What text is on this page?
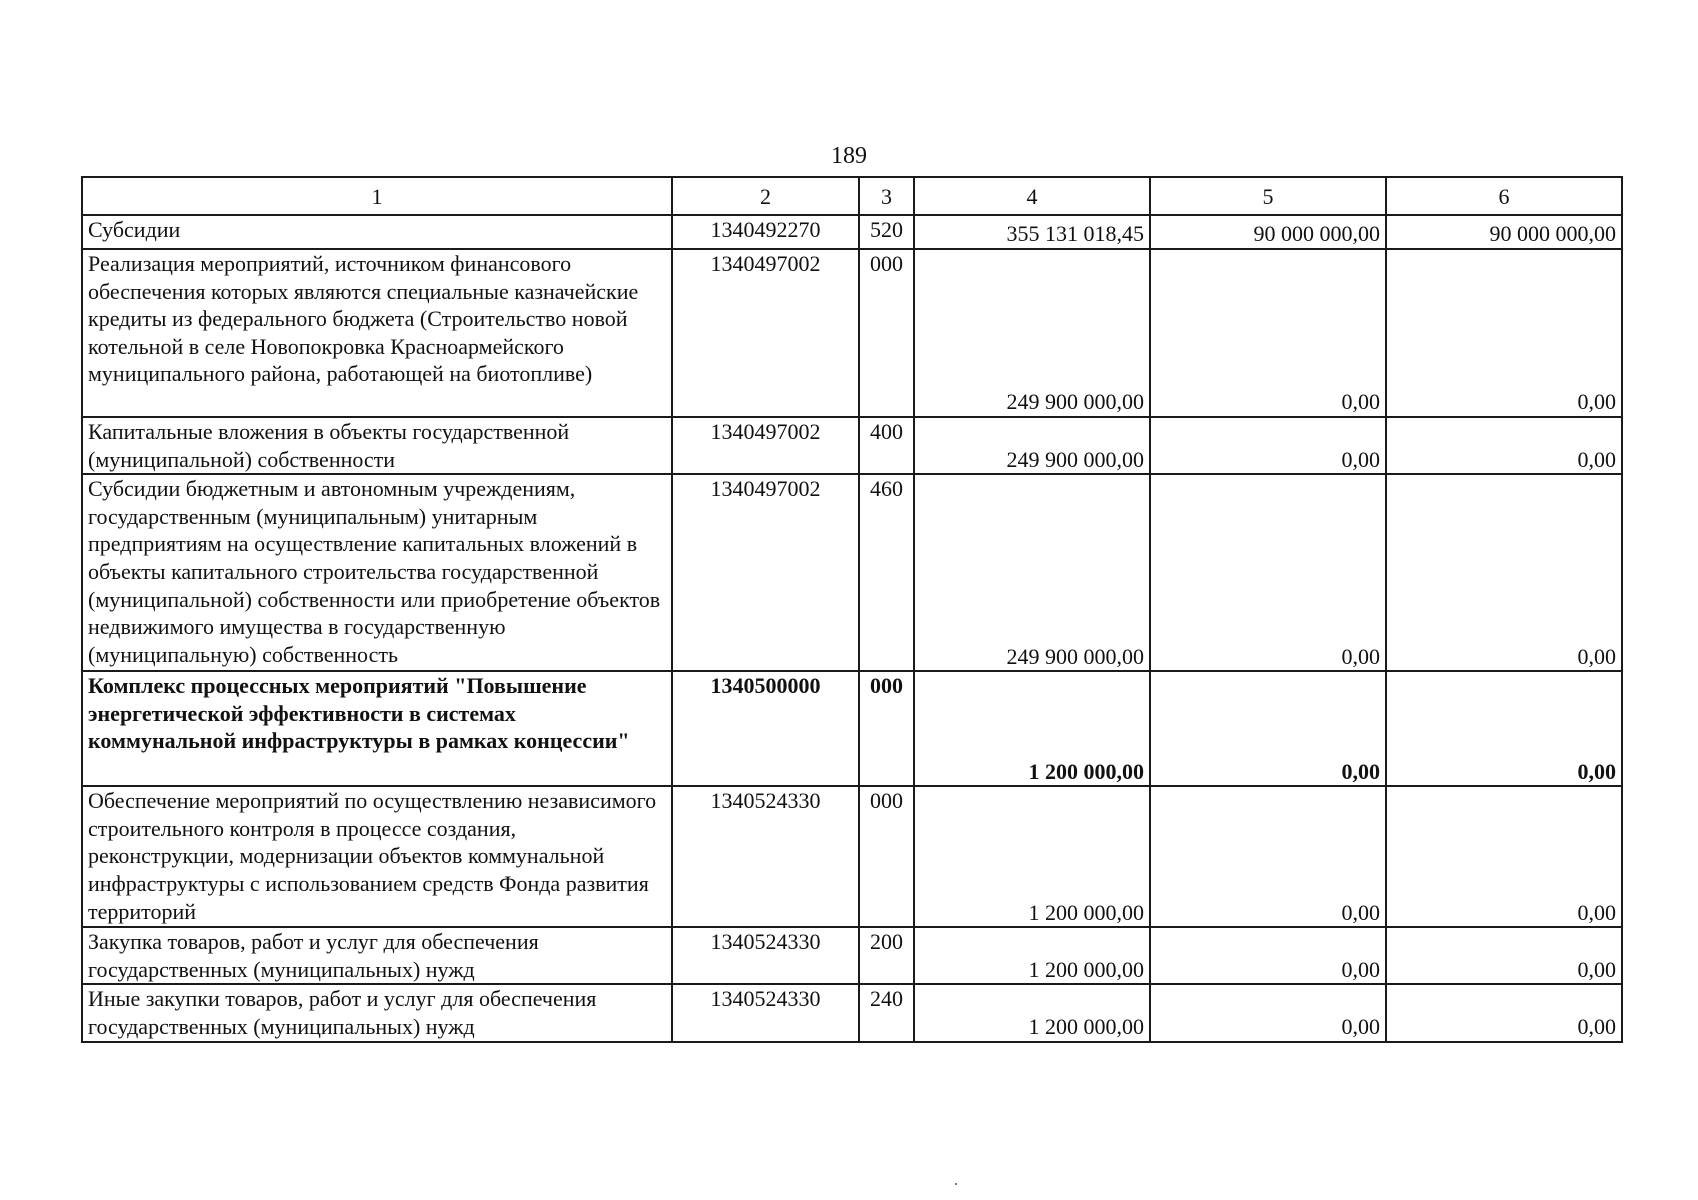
189
1	2	3	4	5	6
Субсидии	1340492270	520	355 131 018,45	90 000 000,00	90 000 000,00
Реализация мероприятий, источником финансового обеспечения которых являются специальные казначейские кредиты из федерального бюджета (Строительство новой котельной в селе Новопокровка Красноармейского муниципального района, работающей на биотопливе)	1340497002	000	249 900 000,00	0,00	0,00
Капитальные вложения в объекты государственной (муниципальной) собственности	1340497002	400	249 900 000,00	0,00	0,00
Субсидии бюджетным и автономным учреждениям, государственным (муниципальным) унитарным предприятиям на осуществление капитальных вложений в объекты капитального строительства государственной (муниципальной) собственности или приобретение объектов недвижимого имущества в государственную (муниципальную) собственность	1340497002	460	249 900 000,00	0,00	0,00
Комплекс процессных мероприятий "Повышение энергетической эффективности в системах коммунальной инфраструктуры в рамках концессии"	1340500000	000	1 200 000,00	0,00	0,00
Обеспечение мероприятий по осуществлению независимого строительного контроля в процессе создания, реконструкции, модернизации объектов коммунальной инфраструктуры с использованием средств Фонда развития территорий	1340524330	000	1 200 000,00	0,00	0,00
Закупка товаров, работ и услуг для обеспечения государственных (муниципальных) нужд	1340524330	200	1 200 000,00	0,00	0,00
Иные закупки товаров, работ и услуг для обеспечения государственных (муниципальных) нужд	1340524330	240	1 200 000,00	0,00	0,00
